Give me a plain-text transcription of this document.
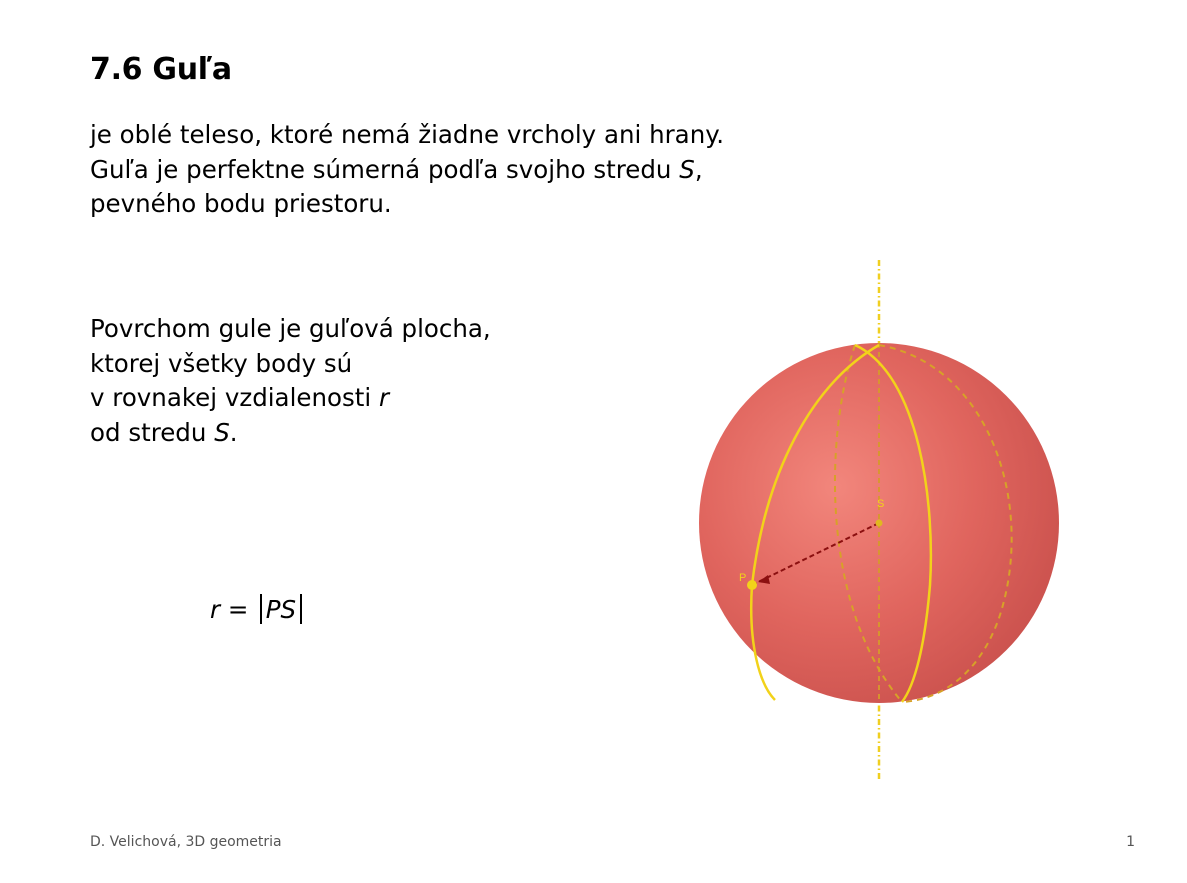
7.6 Guľa
je oblé teleso, ktoré nemá žiadne vrcholy ani hrany.
Guľa je perfektne súmerná podľa svojho stredu S,
pevného bodu priestoru.
Povrchom gule je guľová plocha,
ktorej všetky body sú
v rovnakej vzdialenosti r
od stredu S.
r = PS
S
P
D. Velichová, 3D geometria	1
